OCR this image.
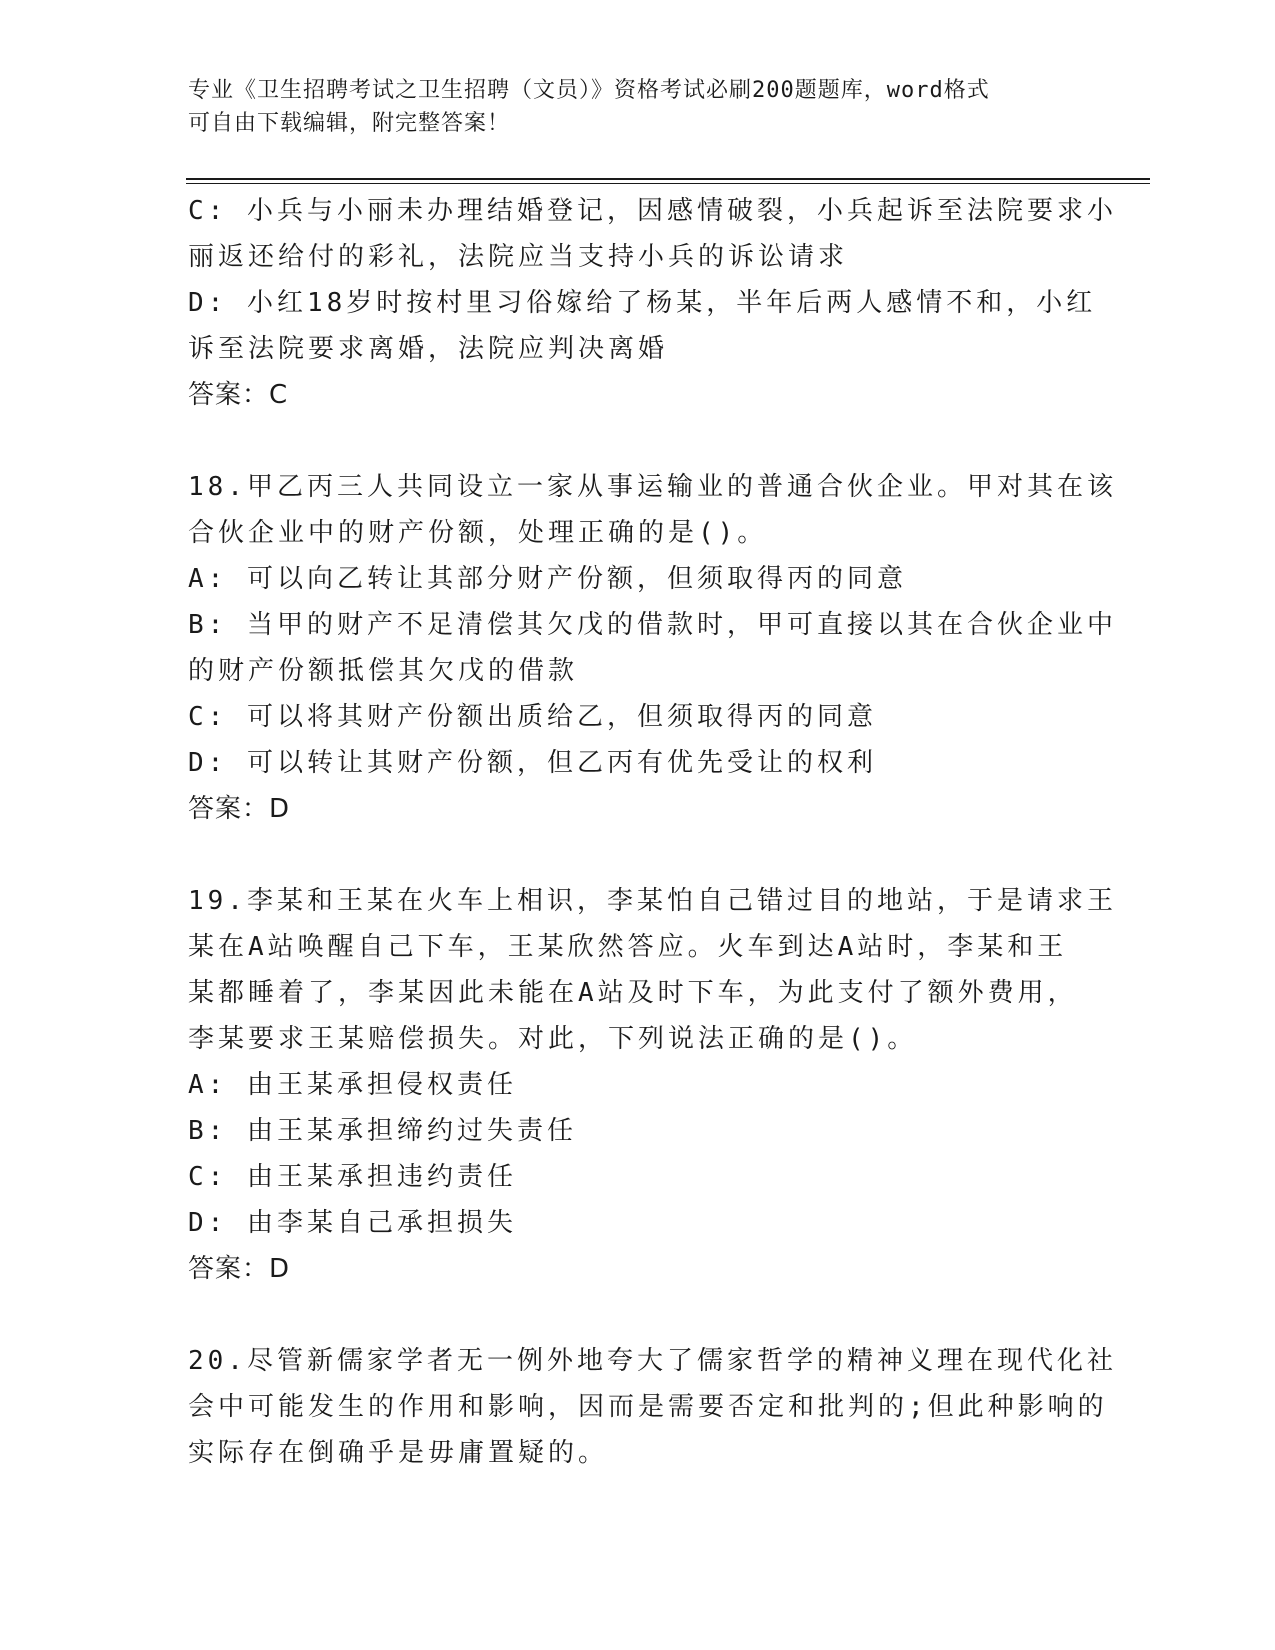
专业《卫生招聘考试之卫生招聘（文员）》资格考试必刷200题题库，word格式
可自由下载编辑，附完整答案！
C: 小兵与小丽未办理结婚登记，因感情破裂，小兵起诉至法院要求小
丽返还给付的彩礼，法院应当支持小兵的诉讼请求
D: 小红18岁时按村里习俗嫁给了杨某，半年后两人感情不和，小红
诉至法院要求离婚，法院应判决离婚
答案：C
18.甲乙丙三人共同设立一家从事运输业的普通合伙企业。甲对其在该
合伙企业中的财产份额，处理正确的是()。
A: 可以向乙转让其部分财产份额，但须取得丙的同意
B: 当甲的财产不足清偿其欠戊的借款时，甲可直接以其在合伙企业中
的财产份额抵偿其欠戊的借款
C: 可以将其财产份额出质给乙，但须取得丙的同意
D: 可以转让其财产份额，但乙丙有优先受让的权利
答案：D
19.李某和王某在火车上相识，李某怕自己错过目的地站，于是请求王
某在A站唤醒自己下车，王某欣然答应。火车到达A站时，李某和王
某都睡着了，李某因此未能在A站及时下车，为此支付了额外费用，
李某要求王某赔偿损失。对此，下列说法正确的是()。
A: 由王某承担侵权责任
B: 由王某承担缔约过失责任
C: 由王某承担违约责任
D: 由李某自己承担损失
答案：D
20.尽管新儒家学者无一例外地夸大了儒家哲学的精神义理在现代化社
会中可能发生的作用和影响，因而是需要否定和批判的;但此种影响的
实际存在倒确乎是毋庸置疑的。
